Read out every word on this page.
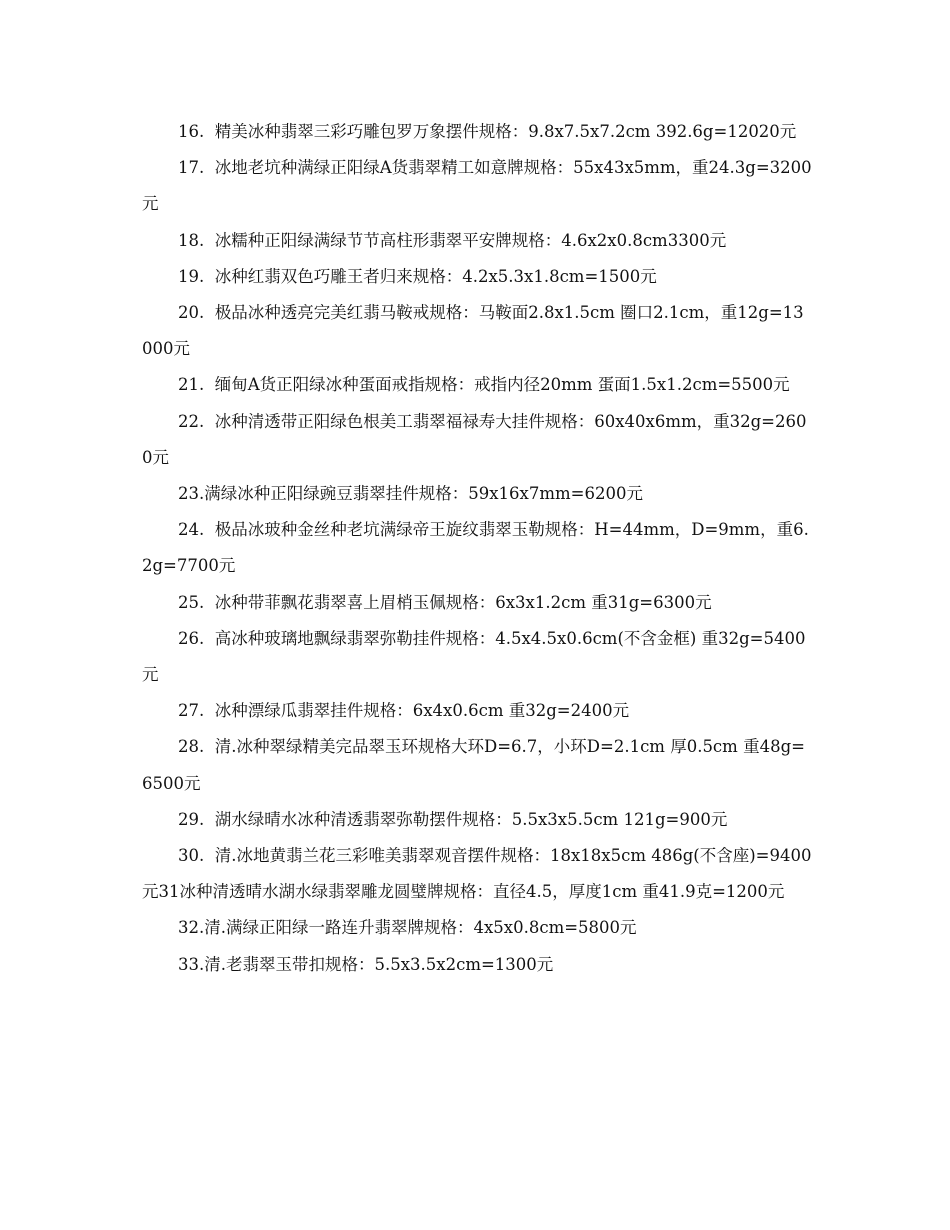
16.  精美冰种翡翠三彩巧雕包罗万象摆件规格：9.8x7.5x7.2cm 392.6g=12020元

17.  冰地老坑种满绿正阳绿A货翡翠精工如意牌规格：55x43x5mm，重24.3g=3200元

18.  冰糯种正阳绿满绿节节高柱形翡翠平安牌规格：4.6x2x0.8cm3300元

19.  冰种红翡双色巧雕王者归来规格：4.2x5.3x1.8cm=1500元

20.  极品冰种透亮完美红翡马鞍戒规格：马鞍面2.8x1.5cm 圈口2.1cm，重12g=13000元

21.  缅甸A货正阳绿冰种蛋面戒指规格：戒指内径20mm 蛋面1.5x1.2cm=5500元

22.  冰种清透带正阳绿色根美工翡翠福禄寿大挂件规格：60x40x6mm，重32g=2600元

23.满绿冰种正阳绿豌豆翡翠挂件规格：59x16x7mm=6200元

24.  极品冰玻种金丝种老坑满绿帝王旋纹翡翠玉勒规格：H=44mm，D=9mm，重6.2g=7700元

25.  冰种带菲飘花翡翠喜上眉梢玉佩规格：6x3x1.2cm 重31g=6300元

26.  高冰种玻璃地飘绿翡翠弥勒挂件规格：4.5x4.5x0.6cm(不含金框) 重32g=5400元

27.  冰种漂绿瓜翡翠挂件规格：6x4x0.6cm 重32g=2400元

28.  清.冰种翠绿精美完品翠玉环规格大环D=6.7，小环D=2.1cm 厚0.5cm 重48g=6500元

29.  湖水绿晴水冰种清透翡翠弥勒摆件规格：5.5x3x5.5cm 121g=900元

30.  清.冰地黄翡兰花三彩唯美翡翠观音摆件规格：18x18x5cm 486g(不含座)=9400元31冰种清透晴水湖水绿翡翠雕龙圆璧牌规格：直径4.5，厚度1cm 重41.9克=1200元

32.清.满绿正阳绿一路连升翡翠牌规格：4x5x0.8cm=5800元

33.清.老翡翠玉带扣规格：5.5x3.5x2cm=1300元
